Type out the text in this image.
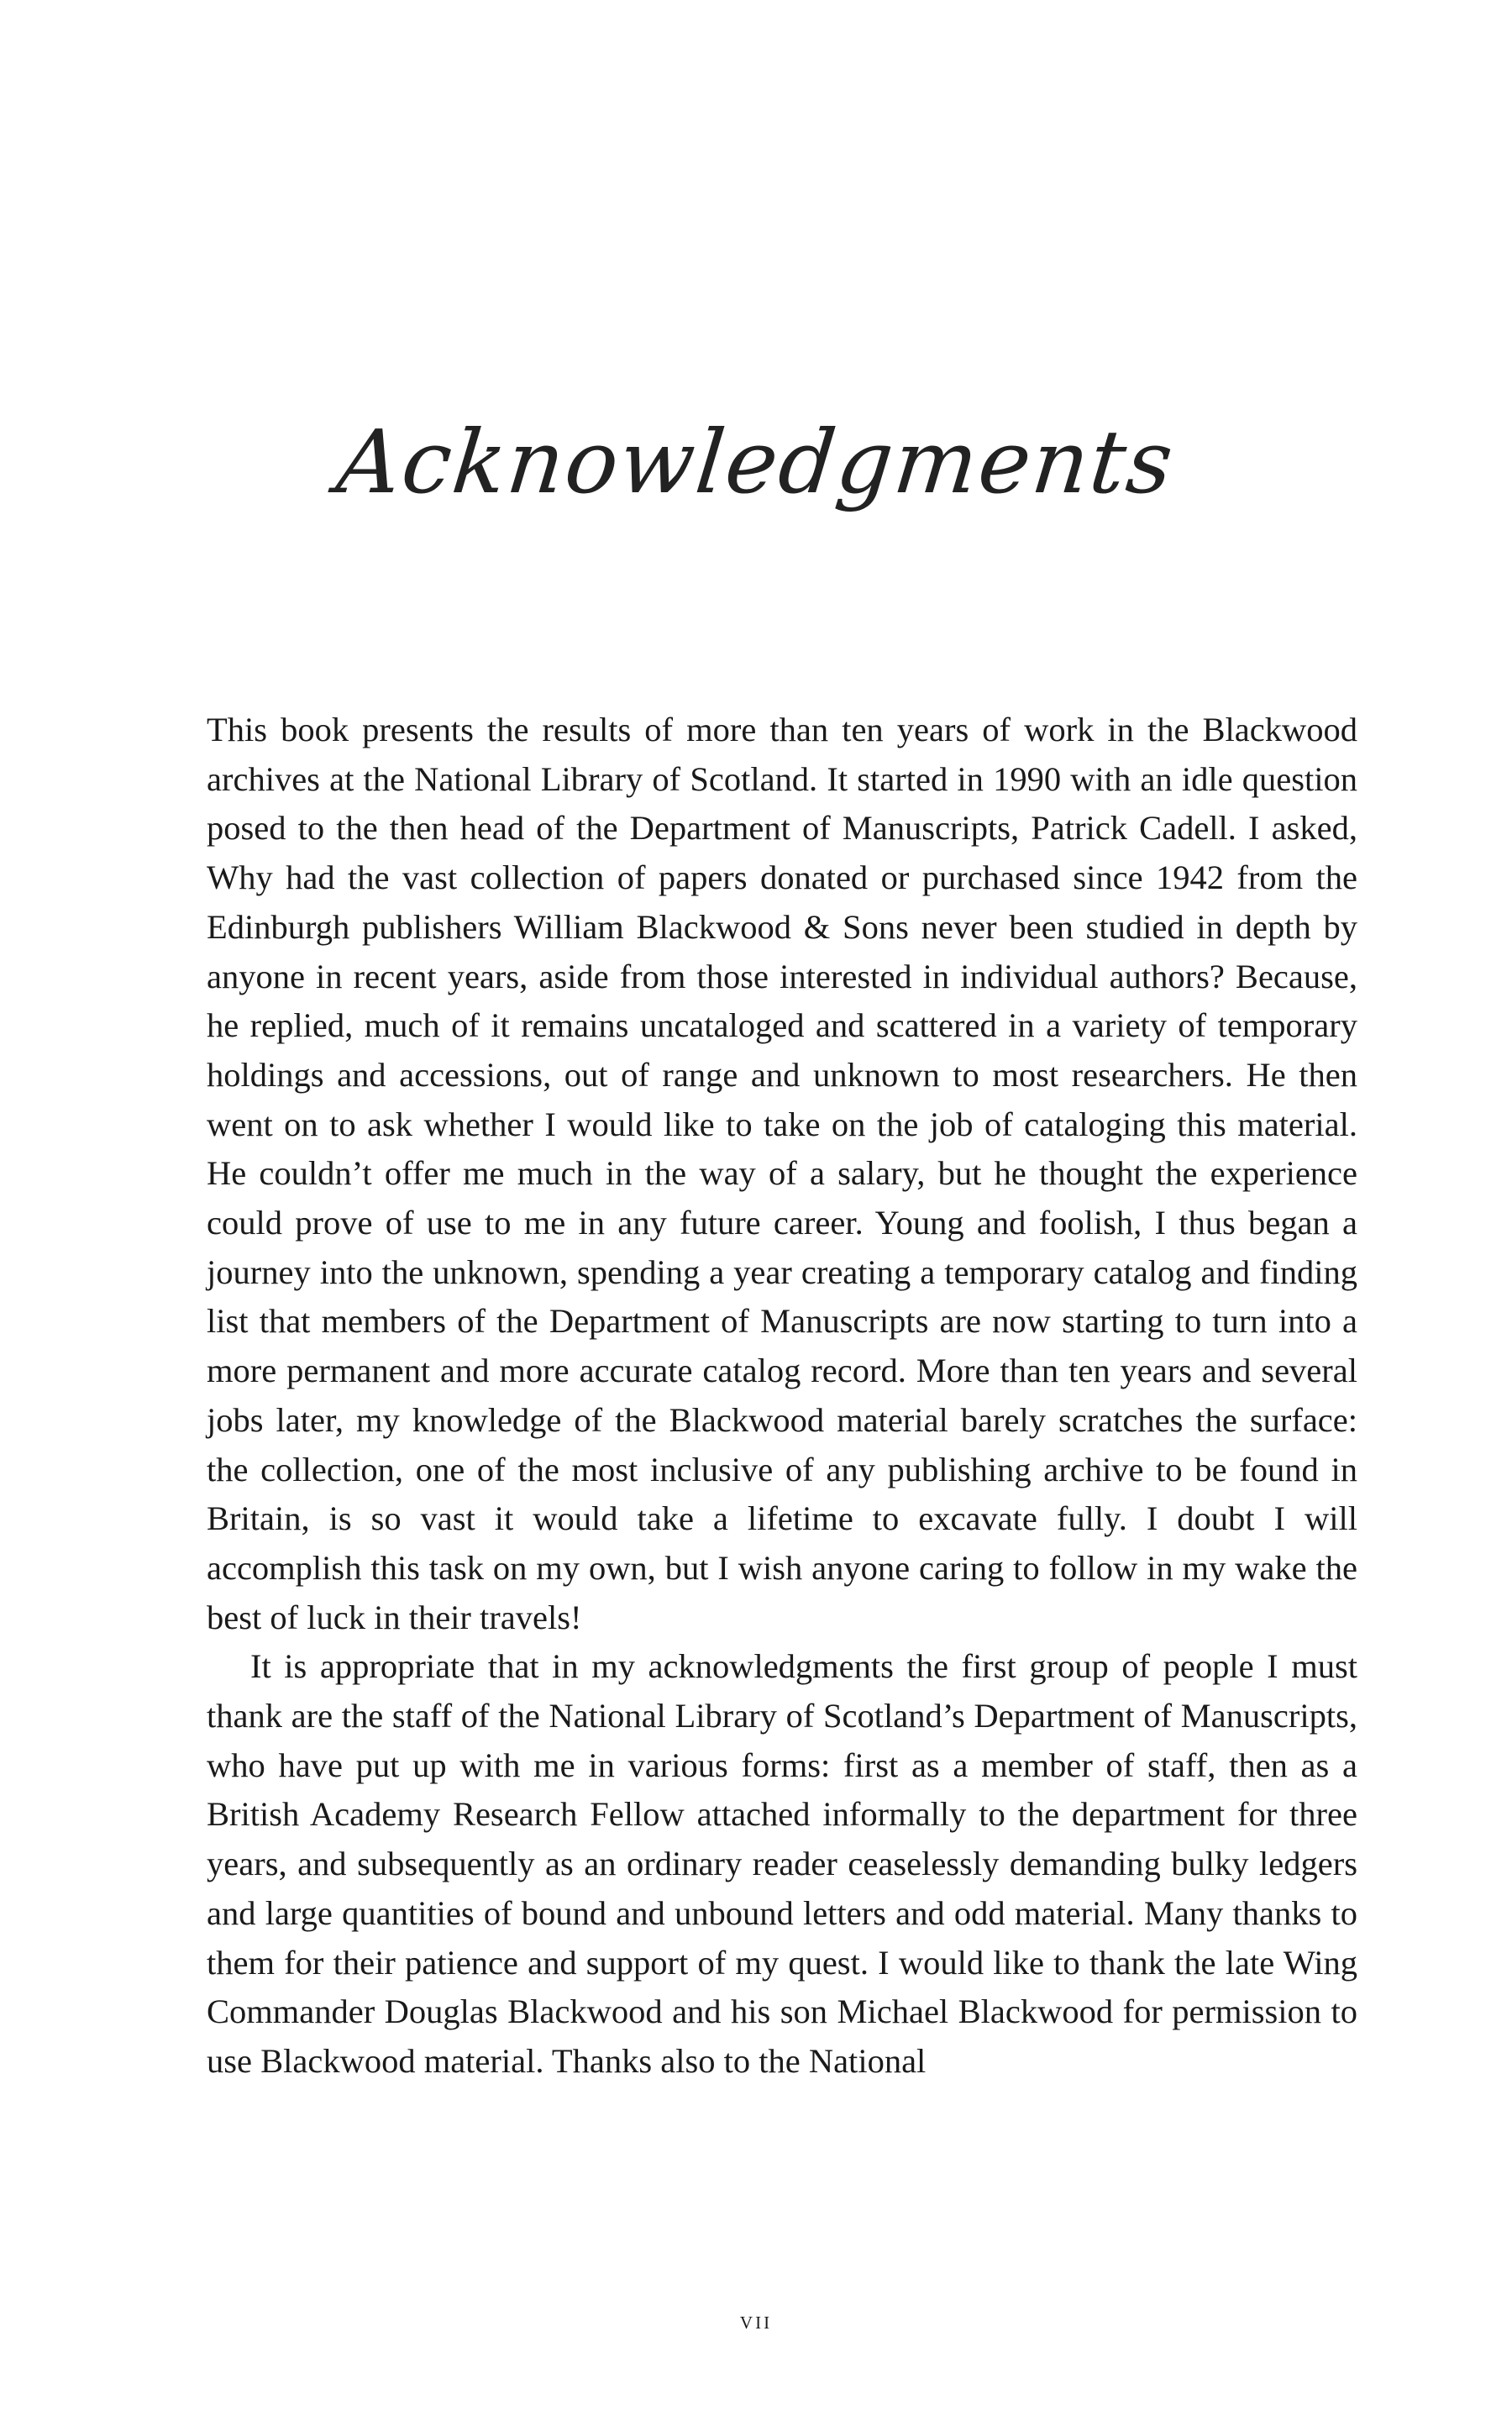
Acknowledgments

This book presents the results of more than ten years of work in the Blackwood archives at the National Library of Scotland. It started in 1990 with an idle question posed to the then head of the Department of Manuscripts, Patrick Cadell. I asked, Why had the vast collection of papers donated or purchased since 1942 from the Edinburgh publishers William Blackwood & Sons never been studied in depth by anyone in recent years, aside from those interested in individual authors? Because, he replied, much of it remains uncataloged and scattered in a variety of temporary holdings and accessions, out of range and unknown to most researchers. He then went on to ask whether I would like to take on the job of cataloging this material. He couldn’t offer me much in the way of a salary, but he thought the experience could prove of use to me in any future career. Young and foolish, I thus began a journey into the unknown, spending a year creating a temporary catalog and finding list that members of the Department of Manuscripts are now starting to turn into a more permanent and more accurate catalog record. More than ten years and several jobs later, my knowledge of the Blackwood material barely scratches the surface: the collection, one of the most inclusive of any publishing archive to be found in Britain, is so vast it would take a lifetime to excavate fully. I doubt I will accomplish this task on my own, but I wish anyone caring to follow in my wake the best of luck in their travels!

It is appropriate that in my acknowledgments the first group of people I must thank are the staff of the National Library of Scotland’s Department of Manuscripts, who have put up with me in various forms: first as a member of staff, then as a British Academy Research Fellow attached informally to the department for three years, and subsequently as an ordinary reader ceaselessly demanding bulky ledgers and large quantities of bound and unbound letters and odd material. Many thanks to them for their patience and support of my quest. I would like to thank the late Wing Commander Douglas Blackwood and his son Michael Blackwood for permission to use Blackwood material. Thanks also to the National

vii
